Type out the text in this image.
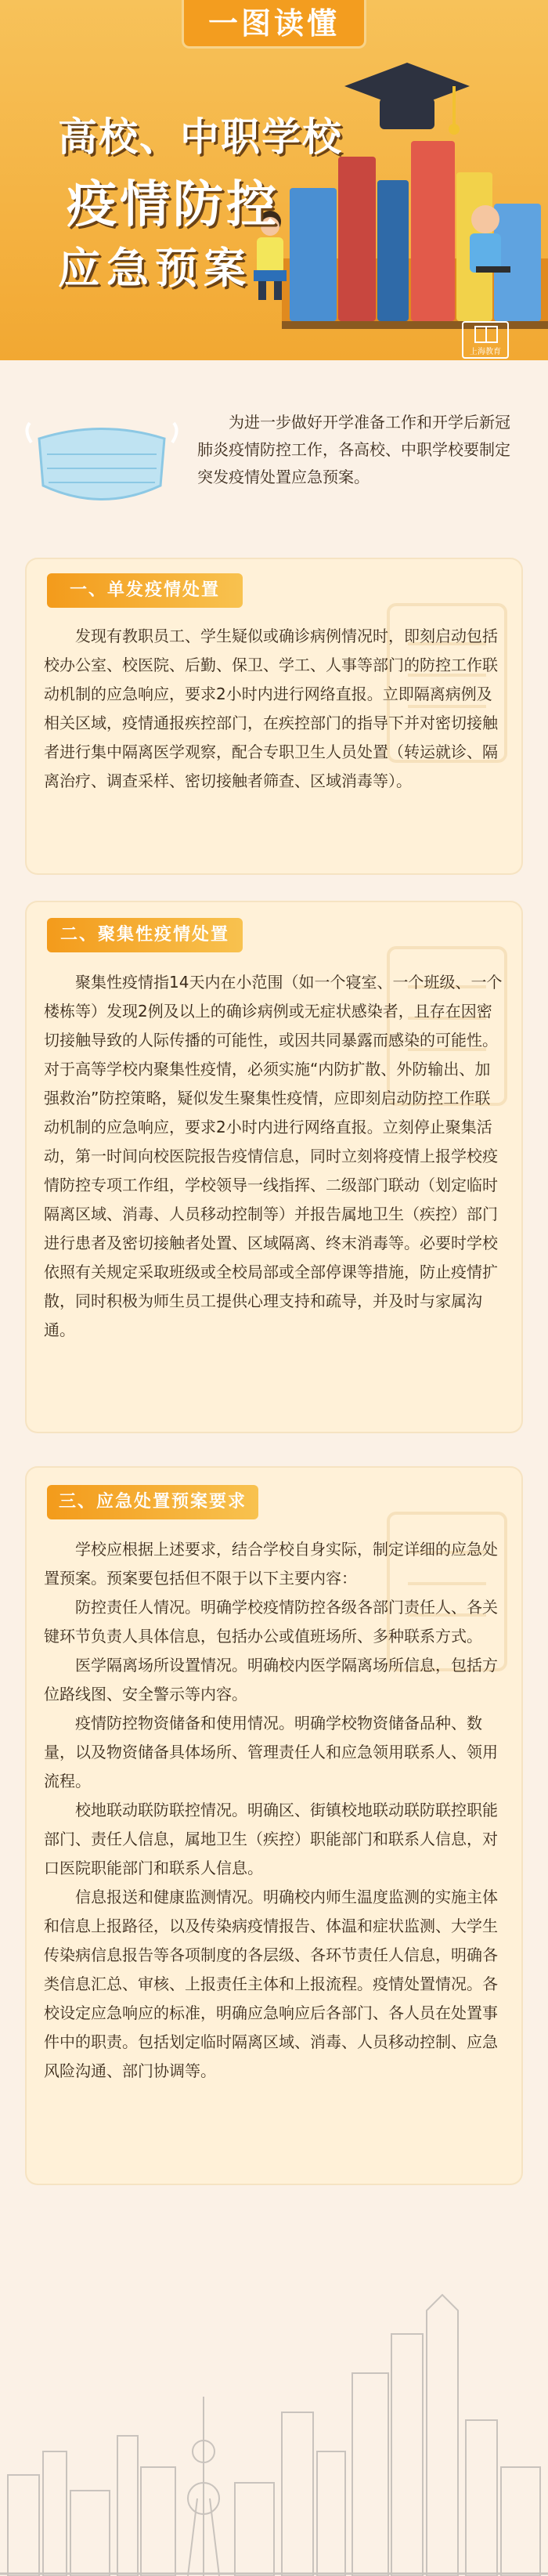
一图读懂
高校、中职学校
疫情防控
应急预案
上海教育
为进一步做好开学准备工作和开学后新冠肺炎疫情防控工作，各高校、中职学校要制定突发疫情处置应急预案。
一、单发疫情处置

发现有教职员工、学生疑似或确诊病例情况时，即刻启动包括校办公室、校医院、后勤、保卫、学工、人事等部门的防控工作联动机制的应急响应，要求2小时内进行网络直报。立即隔离病例及相关区域，疫情通报疾控部门，在疾控部门的指导下并对密切接触者进行集中隔离医学观察，配合专职卫生人员处置（转运就诊、隔离治疗、调查采样、密切接触者筛查、区域消毒等）。

二、聚集性疫情处置

聚集性疫情指14天内在小范围（如一个寝室、一个班级、一个楼栋等）发现2例及以上的确诊病例或无症状感染者，且存在因密切接触导致的人际传播的可能性，或因共同暴露而感染的可能性。对于高等学校内聚集性疫情，必须实施“内防扩散、外防输出、加强救治”防控策略，疑似发生聚集性疫情，应即刻启动防控工作联动机制的应急响应，要求2小时内进行网络直报。立刻停止聚集活动，第一时间向校医院报告疫情信息，同时立刻将疫情上报学校疫情防控专项工作组，学校领导一线指挥、二级部门联动（划定临时隔离区域、消毒、人员移动控制等）并报告属地卫生（疾控）部门进行患者及密切接触者处置、区域隔离、终末消毒等。必要时学校依照有关规定采取班级或全校局部或全部停课等措施，防止疫情扩散，同时积极为师生员工提供心理支持和疏导，并及时与家属沟通。

三、应急处置预案要求

学校应根据上述要求，结合学校自身实际，制定详细的应急处置预案。预案要包括但不限于以下主要内容：

防控责任人情况。明确学校疫情防控各级各部门责任人、各关键环节负责人具体信息，包括办公或值班场所、多种联系方式。

医学隔离场所设置情况。明确校内医学隔离场所信息，包括方位路线图、安全警示等内容。

疫情防控物资储备和使用情况。明确学校物资储备品种、数量，以及物资储备具体场所、管理责任人和应急领用联系人、领用流程。

校地联动联防联控情况。明确区、街镇校地联动联防联控职能部门、责任人信息，属地卫生（疾控）职能部门和联系人信息，对口医院职能部门和联系人信息。

信息报送和健康监测情况。明确校内师生温度监测的实施主体和信息上报路径，以及传染病疫情报告、体温和症状监测、大学生传染病信息报告等各项制度的各层级、各环节责任人信息，明确各类信息汇总、审核、上报责任主体和上报流程。疫情处置情况。各校设定应急响应的标准，明确应急响应后各部门、各人员在处置事件中的职责。包括划定临时隔离区域、消毒、人员移动控制、应急风险沟通、部门协调等。
